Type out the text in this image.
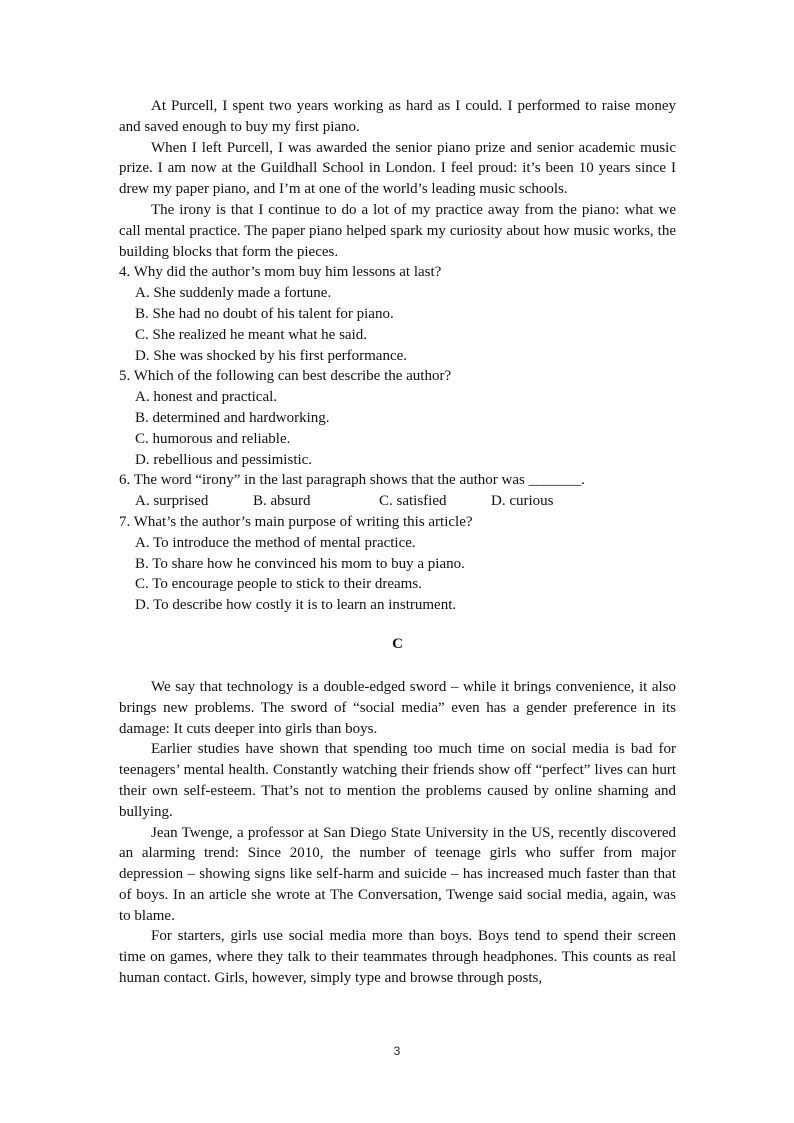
At Purcell, I spent two years working as hard as I could. I performed to raise money and saved enough to buy my first piano.

When I left Purcell, I was awarded the senior piano prize and senior academic music prize. I am now at the Guildhall School in London. I feel proud: it’s been 10 years since I drew my paper piano, and I’m at one of the world’s leading music schools.

The irony is that I continue to do a lot of my practice away from the piano: what we call mental practice. The paper piano helped spark my curiosity about how music works, the building blocks that form the pieces.

4. Why did the author’s mom buy him lessons at last?

A. She suddenly made a fortune.

B. She had no doubt of his talent for piano.

C. She realized he meant what he said.

D. She was shocked by his first performance.

5. Which of the following can best describe the author?

A. honest and practical.

B. determined and hardworking.

C. humorous and reliable.

D. rebellious and pessimistic.

6. The word “irony” in the last paragraph shows that the author was _______.

A. surprised	B. absurd	C. satisfied	D. curious

7. What’s the author’s main purpose of writing this article?

A. To introduce the method of mental practice.

B. To share how he convinced his mom to buy a piano.

C. To encourage people to stick to their dreams.

D. To describe how costly it is to learn an instrument.

C

We say that technology is a double-edged sword – while it brings convenience, it also brings new problems. The sword of “social media” even has a gender preference in its damage: It cuts deeper into girls than boys.

Earlier studies have shown that spending too much time on social media is bad for teenagers’ mental health. Constantly watching their friends show off “perfect” lives can hurt their own self-esteem. That’s not to mention the problems caused by online shaming and bullying.

Jean Twenge, a professor at San Diego State University in the US, recently discovered an alarming trend: Since 2010, the number of teenage girls who suffer from major depression – showing signs like self-harm and suicide – has increased much faster than that of boys. In an article she wrote at The Conversation, Twenge said social media, again, was to blame.

For starters, girls use social media more than boys. Boys tend to spend their screen time on games, where they talk to their teammates through headphones. This counts as real human contact. Girls, however, simply type and browse through posts,

3
